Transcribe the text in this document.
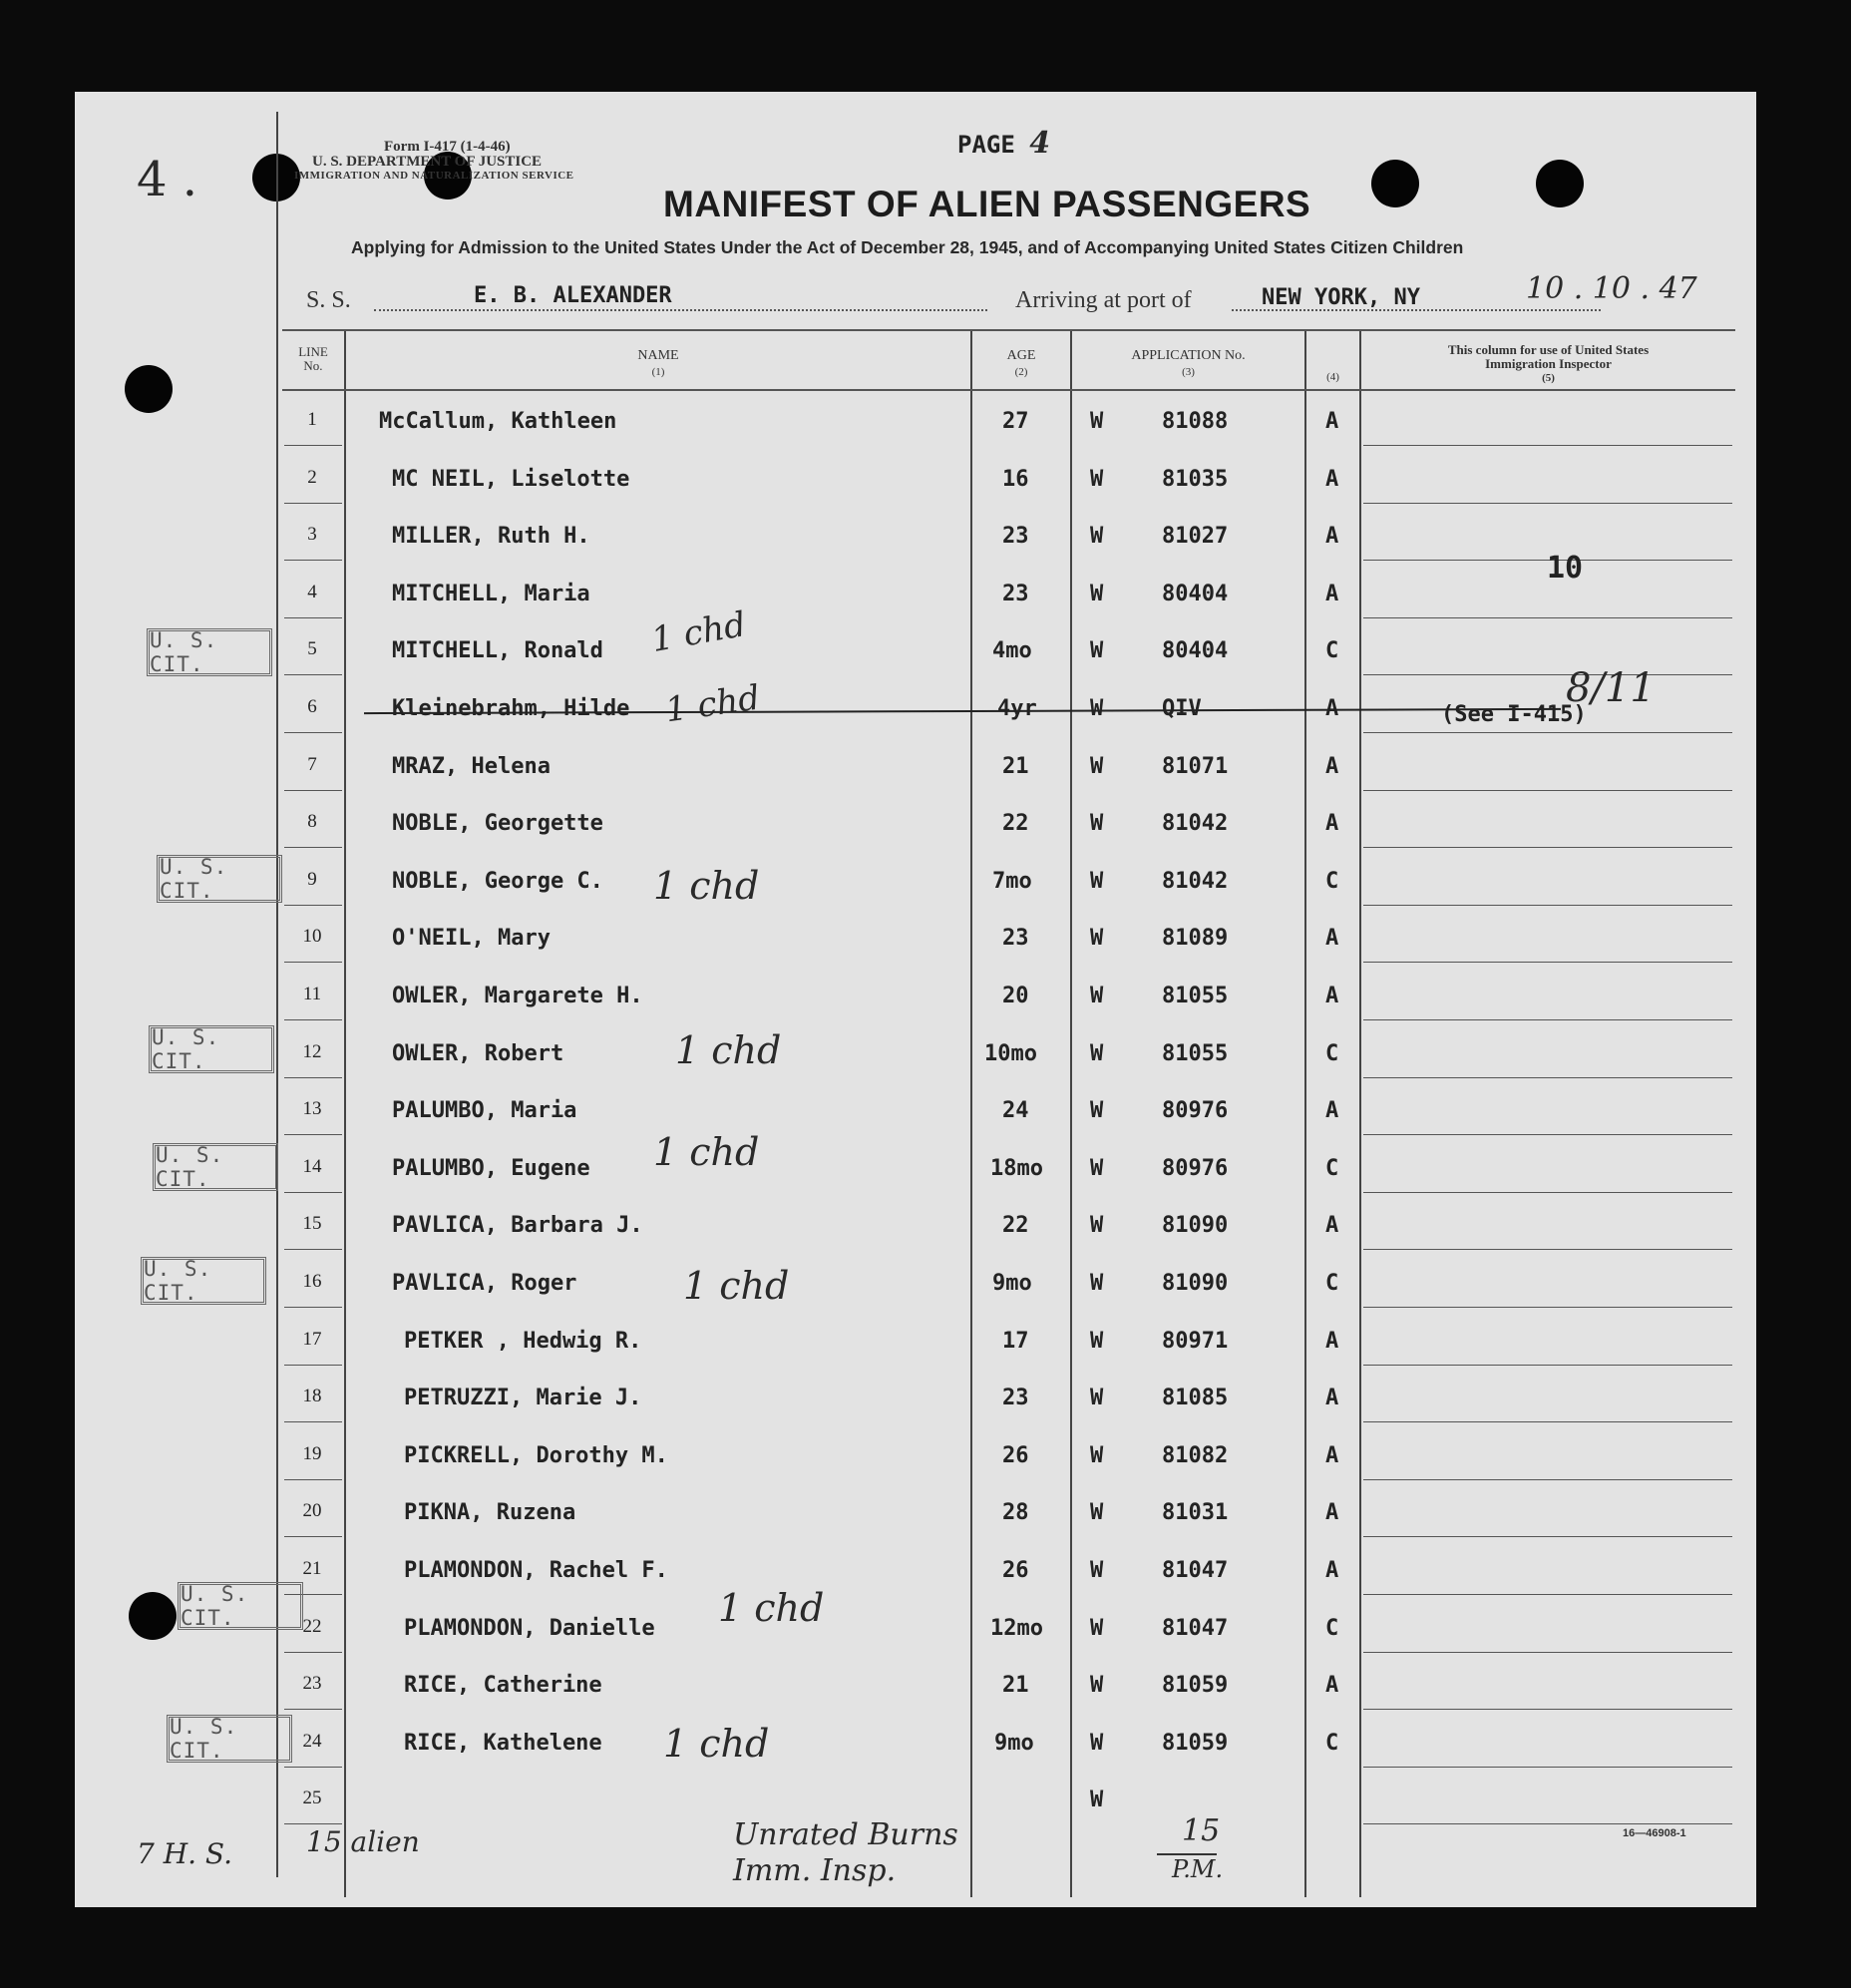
4 .
Form I-417 (1-4-46)
U. S. DEPARTMENT OF JUSTICE
IMMIGRATION AND NATURALIZATION SERVICE
PAGE 4
MANIFEST OF ALIEN PASSENGERS
Applying for Admission to the United States Under the Act of December 28, 1945, and of Accompanying United States Citizen Children
S. S.	E. B. ALEXANDER	Arriving at port of	NEW YORK, NY	10 . 10 . 47
LINE
No.
NAME
(1)
AGE
(2)
APPLICATION No.
(3)	(4)
This column for use of United States
Immigration Inspector
(5)
1	McCallum, Kathleen	27	W	81088	A
2	MC NEIL, Liselotte	16	W	81035	A
3	MILLER, Ruth H.	23	W	81027	A
4	MITCHELL, Maria	23	W	80404	A
5	MITCHELL, Ronald	4mo	W	80404	C
6	Kleinebrahm, Hilde	4yr W	QIV	A
7	MRAZ, Helena	21	W	81071	A
8	NOBLE, Georgette	22	W	81042	A
9	NOBLE, George C.	7mo	W	81042	C
10	O'NEIL, Mary	23	W	81089	A
11	OWLER, Margarete H.	20	W	81055	A
12	OWLER, Robert	10mo W	81055	C
13	PALUMBO, Maria	24	W	80976	A
14	PALUMBO, Eugene	18mo W	80976	C
15	PAVLICA, Barbara J.	22	W	81090	A
16	PAVLICA, Roger	9mo	W	81090	C
17	PETKER , Hedwig R.	17	W	80971	A
18	PETRUZZI, Marie J.	23	W	81085	A
19	PICKRELL, Dorothy M.	26	W	81082	A
20	PIKNA, Ruzena	28	W	81031	A
21	PLAMONDON, Rachel F.	26	W	81047	A
22	PLAMONDON, Danielle	12mo W	81047	C
23	RICE, Catherine	21	W	81059	A
24	RICE, Kathelene	9mo	W	81059	C
25	W
U. S. CIT.
U. S. CIT.
U. S. CIT.
U. S. CIT.
U. S. CIT.
U. S. CIT.
U. S. CIT.
1 chd
1 chd
1 chd
1 chd
1 chd
1 chd
1 chd
1 chd
10
8/11
(See I-415)
7 H. S.	15 alien	Unrated Burns
Imm. Insp.
15
P.M.
16—46908-1
